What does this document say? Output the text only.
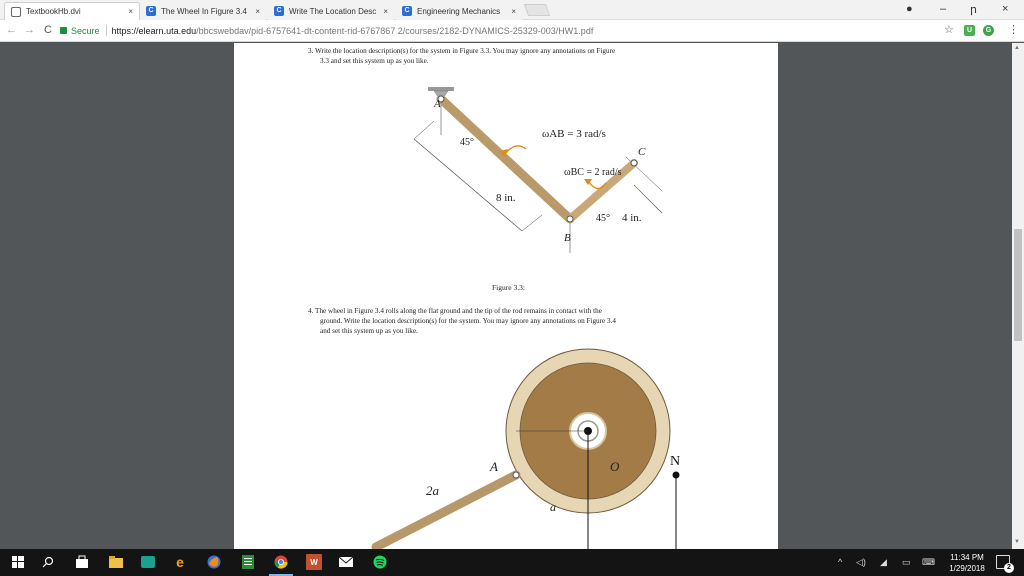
TextbookHb.dvi	×	C The Wheel In Figure 3.4	×	C Write The Location Desc ×	C Engineering Mechanics	×	● – ր ×
← → C Secure https://elearn.uta.edu /bbcswebdav/pid-6757641-dt-content-rid-6767867 2/courses/2182-DYNAMICS-25329-003/HW1.pdf	☆	U	G ⋮
3. Write the location description(s) for the system in Figure 3.3. You may ignore any annotations on Figure
3.3 and set this system up as you like.
A
B
C
45°
45°
8 in.
4 in.
ωAB = 3 rad/s
ωBC = 2 rad/s
Figure 3.3:
4. The wheel in Figure 3.4 rolls along the flat ground and the tip of the rod remains in contact with the
ground. Write the location description(s) for the system. You may ignore any annotations on Figure 3.4
and set this system up as you like.
A	O
a
2a
N
▲
▼
e	W	^ ◁) ◢ ▭ ⌨	11:34 PM
1/29/2018	2
